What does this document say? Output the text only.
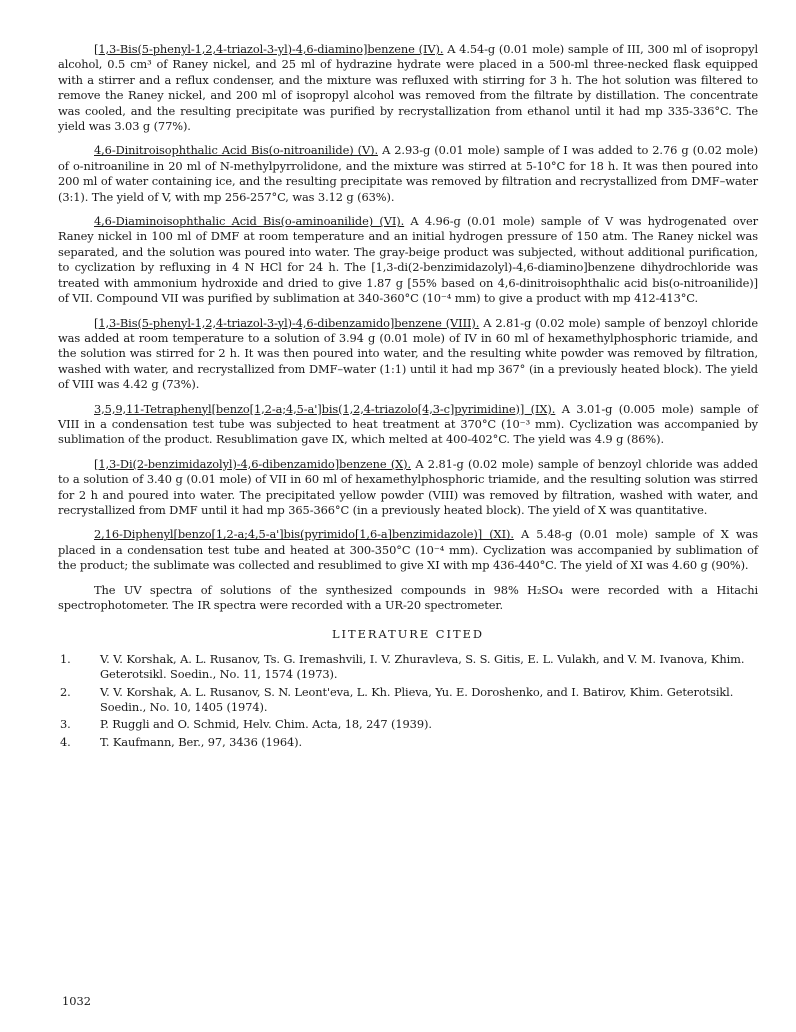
[1,3-Bis(5-phenyl-1,2,4-triazol-3-yl)-4,6-diamino]benzene (IV). A 4.54-g (0.01 mole) sample of III, 300 ml of isopropyl alcohol, 0.5 cm³ of Raney nickel, and 25 ml of hydrazine hydrate were placed in a 500-ml three-necked flask equipped with a stirrer and a reflux condenser, and the mixture was refluxed with stirring for 3 h. The hot solution was filtered to remove the Raney nickel, and 200 ml of isopropyl alcohol was removed from the filtrate by distillation. The concentrate was cooled, and the resulting precipitate was purified by recrystallization from ethanol until it had mp 335-336°C. The yield was 3.03 g (77%).

4,6-Dinitroisophthalic Acid Bis(o-nitroanilide) (V). A 2.93-g (0.01 mole) sample of I was added to 2.76 g (0.02 mole) of o-nitroaniline in 20 ml of N-methylpyrrolidone, and the mixture was stirred at 5-10°C for 18 h. It was then poured into 200 ml of water containing ice, and the resulting precipitate was removed by filtration and recrystallized from DMF–water (3:1). The yield of V, with mp 256-257°C, was 3.12 g (63%).

4,6-Diaminoisophthalic Acid Bis(o-aminoanilide) (VI). A 4.96-g (0.01 mole) sample of V was hydrogenated over Raney nickel in 100 ml of DMF at room temperature and an initial hydrogen pressure of 150 atm. The Raney nickel was separated, and the solution was poured into water. The gray-beige product was subjected, without additional purification, to cyclization by refluxing in 4 N HCl for 24 h. The [1,3-di(2-benzimidazolyl)-4,6-diamino]benzene dihydrochloride was treated with ammonium hydroxide and dried to give 1.87 g [55% based on 4,6-dinitroisophthalic acid bis(o-nitroanilide)] of VII. Compound VII was purified by sublimation at 340-360°C (10⁻⁴ mm) to give a product with mp 412-413°C.

[1,3-Bis(5-phenyl-1,2,4-triazol-3-yl)-4,6-dibenzamido]benzene (VIII). A 2.81-g (0.02 mole) sample of benzoyl chloride was added at room temperature to a solution of 3.94 g (0.01 mole) of IV in 60 ml of hexamethylphosphoric triamide, and the solution was stirred for 2 h. It was then poured into water, and the resulting white powder was removed by filtration, washed with water, and recrystallized from DMF–water (1:1) until it had mp 367° (in a previously heated block). The yield of VIII was 4.42 g (73%).

3,5,9,11-Tetraphenyl[benzo[1,2-a;4,5-a']bis(1,2,4-triazolo[4,3-c]pyrimidine)] (IX). A 3.01-g (0.005 mole) sample of VIII in a condensation test tube was subjected to heat treatment at 370°C (10⁻³ mm). Cyclization was accompanied by sublimation of the product. Resublimation gave IX, which melted at 400-402°C. The yield was 4.9 g (86%).

[1,3-Di(2-benzimidazolyl)-4,6-dibenzamido]benzene (X). A 2.81-g (0.02 mole) sample of benzoyl chloride was added to a solution of 3.40 g (0.01 mole) of VII in 60 ml of hexamethylphosphoric triamide, and the resulting solution was stirred for 2 h and poured into water. The precipitated yellow powder (VIII) was removed by filtration, washed with water, and recrystallized from DMF until it had mp 365-366°C (in a previously heated block). The yield of X was quantitative.

2,16-Diphenyl[benzo[1,2-a;4,5-a']bis(pyrimido[1,6-a]benzimidazole)] (XI). A 5.48-g (0.01 mole) sample of X was placed in a condensation test tube and heated at 300-350°C (10⁻⁴ mm). Cyclization was accompanied by sublimation of the product; the sublimate was collected and resublimed to give XI with mp 436-440°C. The yield of XI was 4.60 g (90%).

The UV spectra of solutions of the synthesized compounds in 98% H₂SO₄ were recorded with a Hitachi spectrophotometer. The IR spectra were recorded with a UR-20 spectrometer.

LITERATURE CITED
1.	V. V. Korshak, A. L. Rusanov, Ts. G. Iremashvili, I. V. Zhuravleva, S. S. Gitis, E. L. Vulakh, and V. M. Ivanova, Khim. Geterotsikl. Soedin., No. 11, 1574 (1973).
2.	V. V. Korshak, A. L. Rusanov, S. N. Leont'eva, L. Kh. Plieva, Yu. E. Doroshenko, and I. Batirov, Khim. Geterotsikl. Soedin., No. 10, 1405 (1974).
3.	P. Ruggli and O. Schmid, Helv. Chim. Acta, 18, 247 (1939).
4.	T. Kaufmann, Ber., 97, 3436 (1964).
1032
